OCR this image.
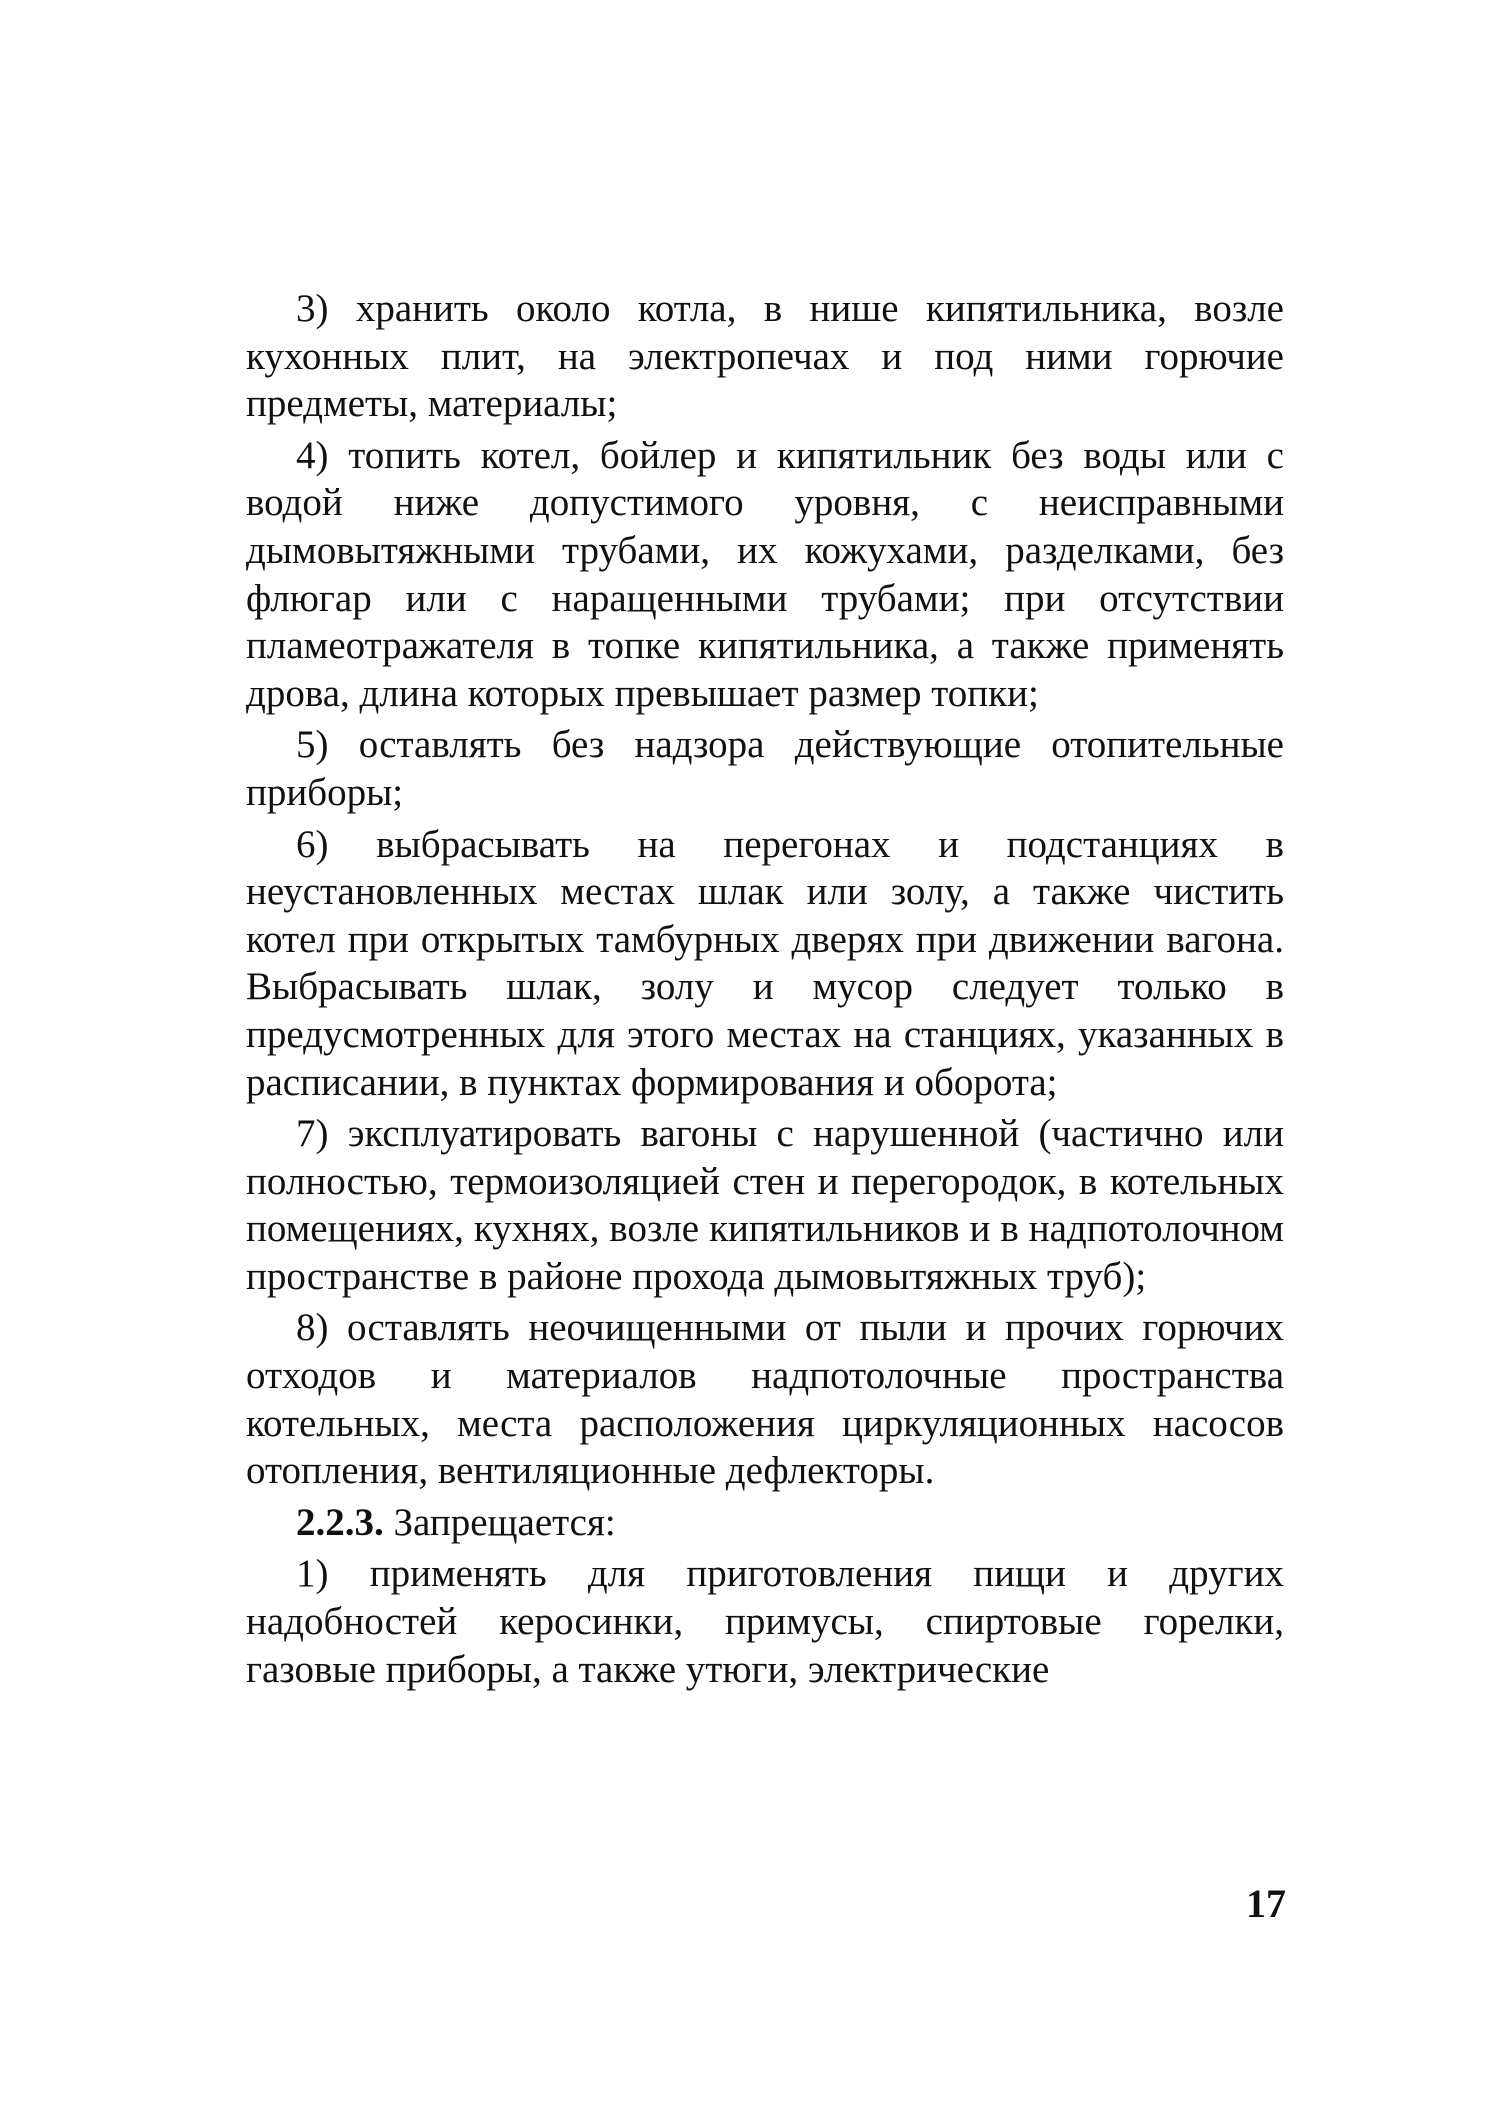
3) хранить около котла, в нише кипятильника, возле кухонных плит, на электропечах и под ними горючие предметы, материалы;

4) топить котел, бойлер и кипятильник без воды или с водой ниже допустимого уровня, с неисправными дымовытяжными трубами, их кожухами, разделками, без флюгар или с наращенными трубами; при отсутствии пламеотражателя в топке кипятильника, а также применять дрова, длина которых превышает размер топки;

5) оставлять без надзора действующие отопительные приборы;

6) выбрасывать на перегонах и подстанциях в неустановленных местах шлак или золу, а также чистить котел при открытых тамбурных дверях при движении вагона. Выбрасывать шлак, золу и мусор следует только в предусмотренных для этого местах на станциях, указанных в расписании, в пунктах формирования и оборота;

7) эксплуатировать вагоны с нарушенной (частично или полностью, термоизоляцией стен и перегородок, в котельных помещениях, кухнях, возле кипятильников и в надпотолочном пространстве в районе прохода дымовытяжных труб);

8) оставлять неочищенными от пыли и прочих горючих отходов и материалов надпотолочные пространства котельных, места расположения циркуляционных насосов отопления, вентиляционные дефлекторы.

2.2.3. Запрещается:

1) применять для приготовления пищи и других надобностей керосинки, примусы, спиртовые горелки, газовые приборы, а также утюги, электрические

17
